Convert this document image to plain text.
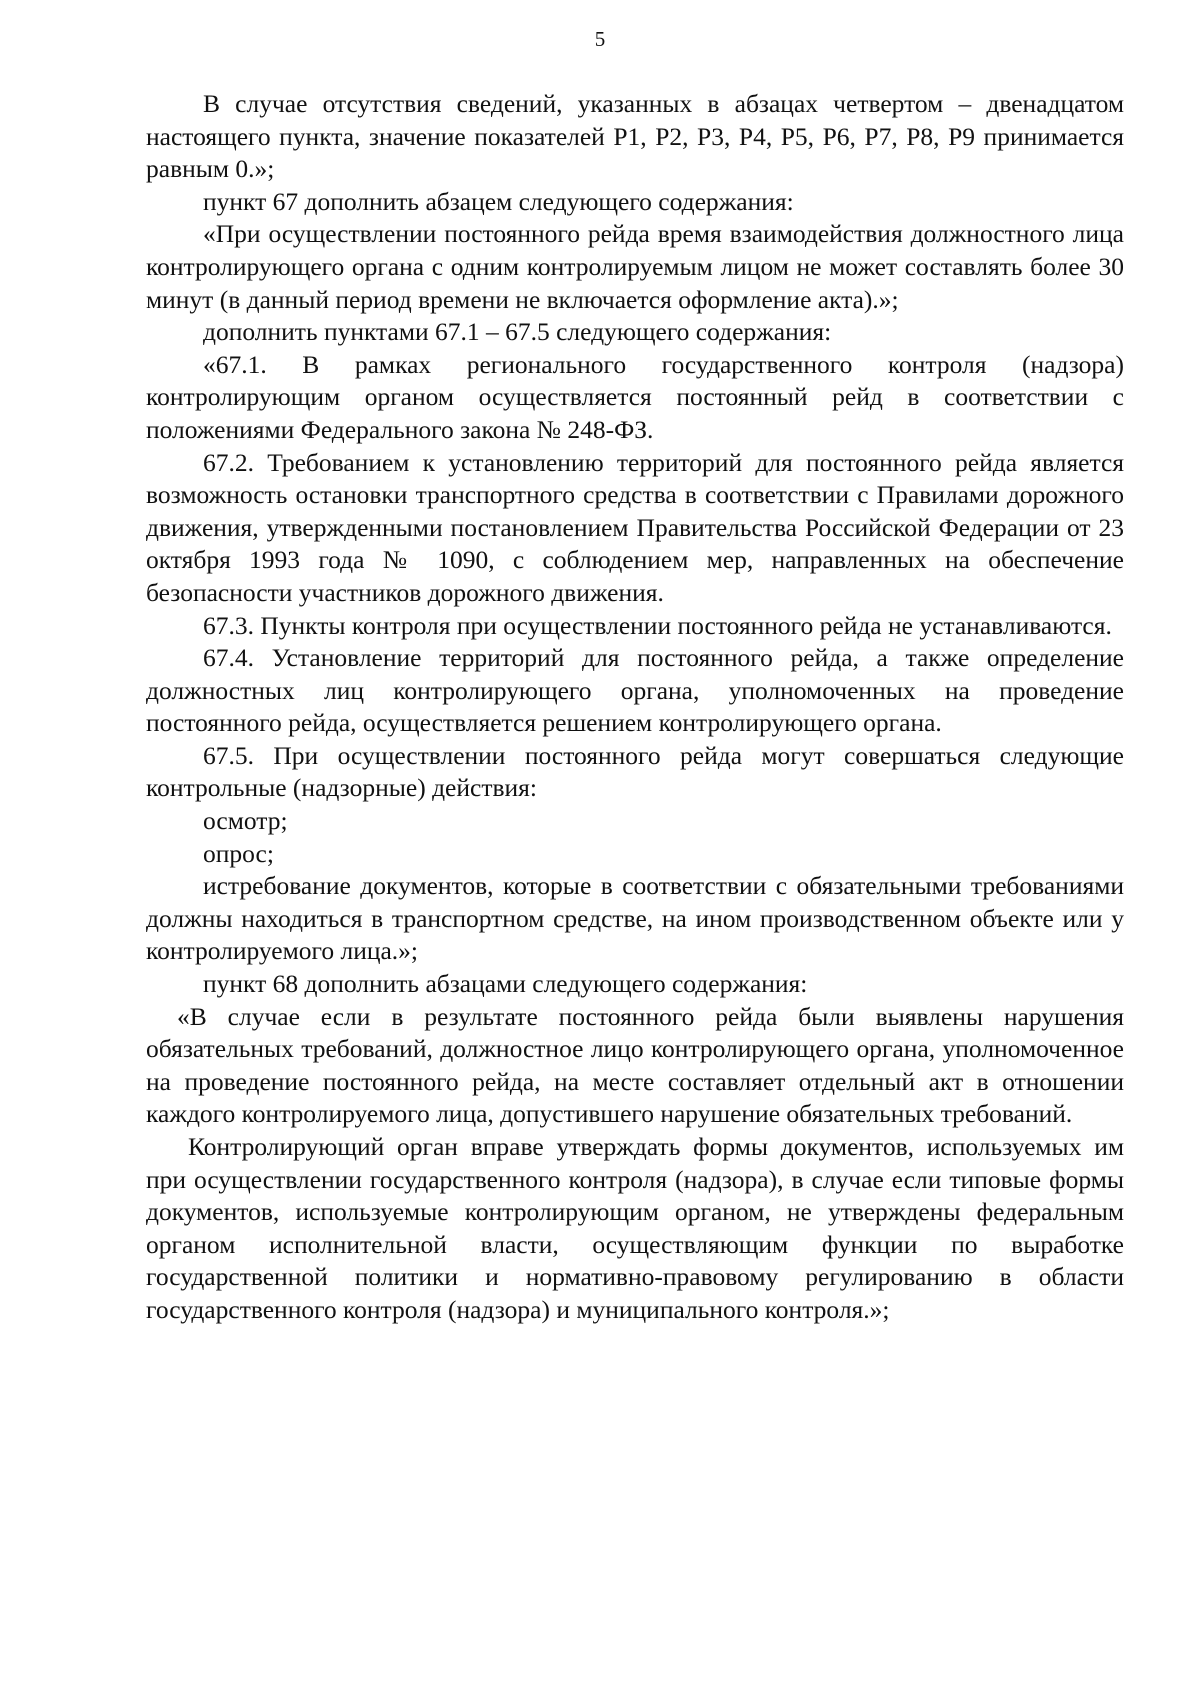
5

В случае отсутствия сведений, указанных в абзацах четвертом – двенадцатом настоящего пункта, значение показателей Р1, Р2, Р3, Р4, Р5, Р6, Р7, Р8, Р9 принимается равным 0.»;

пункт 67 дополнить абзацем следующего содержания:

«При осуществлении постоянного рейда время взаимодействия должностного лица контролирующего органа с одним контролируемым лицом не может составлять более 30 минут (в данный период времени не включается оформление акта).»;

дополнить пунктами 67.1 – 67.5 следующего содержания:

«67.1. В рамках регионального государственного контроля (надзора) контролирующим органом осуществляется постоянный рейд в соответствии с положениями Федерального закона № 248-ФЗ.

67.2. Требованием к установлению территорий для постоянного рейда является возможность остановки транспортного средства в соответствии с Правилами дорожного движения, утвержденными постановлением Правительства Российской Федерации от 23 октября 1993 года № 1090, с соблюдением мер, направленных на обеспечение безопасности участников дорожного движения.

67.3. Пункты контроля при осуществлении постоянного рейда не устанавливаются.

67.4. Установление территорий для постоянного рейда, а также определение должностных лиц контролирующего органа, уполномоченных на проведение постоянного рейда, осуществляется решением контролирующего органа.

67.5. При осуществлении постоянного рейда могут совершаться следующие контрольные (надзорные) действия:

осмотр;

опрос;

истребование документов, которые в соответствии с обязательными требованиями должны находиться в транспортном средстве, на ином производственном объекте или у контролируемого лица.»;

пункт 68 дополнить абзацами следующего содержания:

«В случае если в результате постоянного рейда были выявлены нарушения обязательных требований, должностное лицо контролирующего органа, уполномоченное на проведение постоянного рейда, на месте составляет отдельный акт в отношении каждого контролируемого лица, допустившего нарушение обязательных требований.

Контролирующий орган вправе утверждать формы документов, используемых им при осуществлении государственного контроля (надзора), в случае если типовые формы документов, используемые контролирующим органом, не утверждены федеральным органом исполнительной власти, осуществляющим функции по выработке государственной политики и нормативно-правовому регулированию в области государственного контроля (надзора) и муниципального контроля.»;
